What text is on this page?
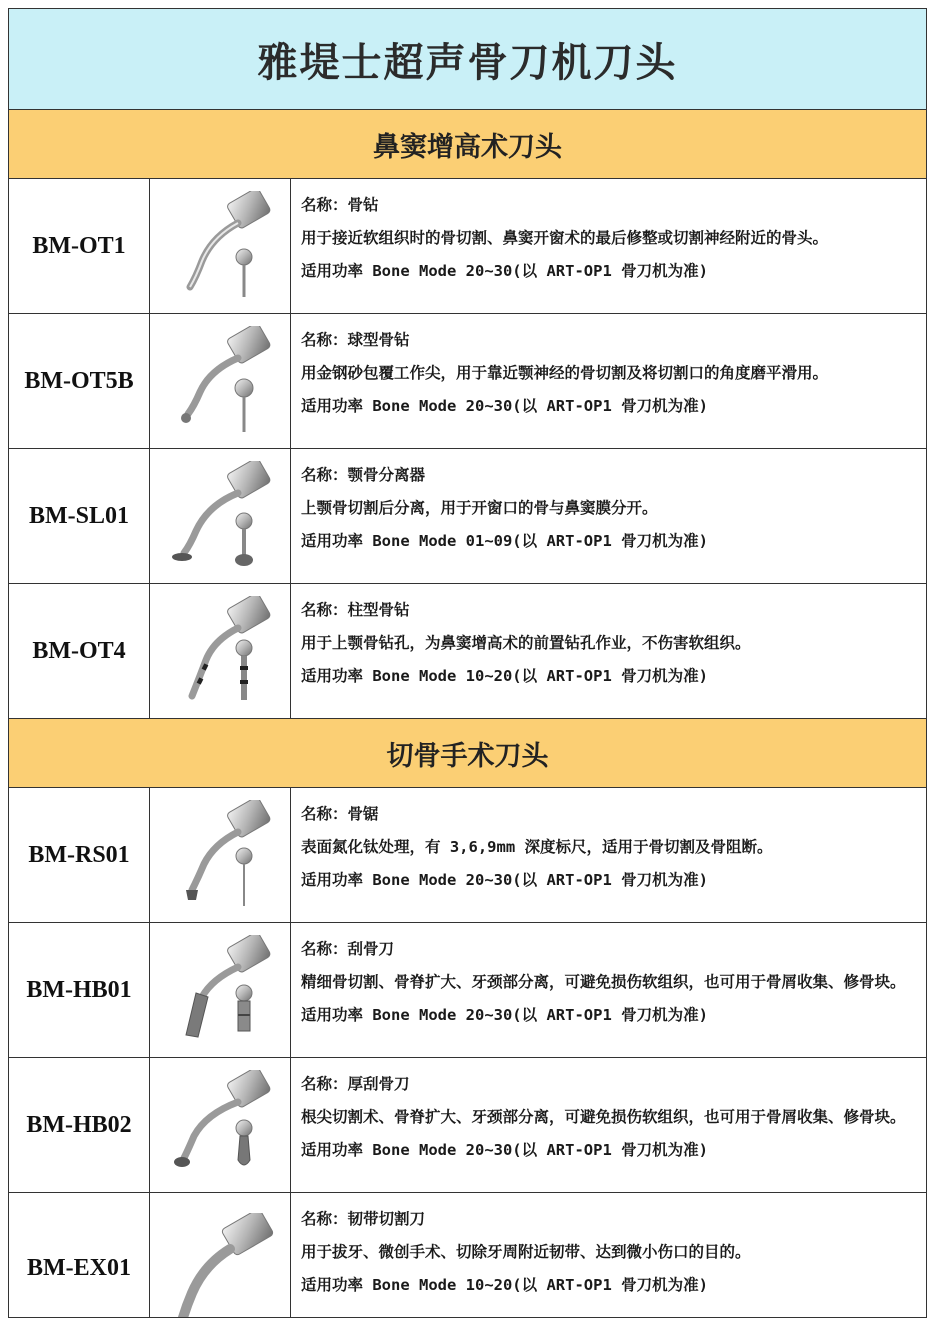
雅堤士超声骨刀机刀头
鼻窦增高术刀头
BM-OT1
名称：骨钻
用于接近软组织时的骨切割、鼻窦开窗术的最后修整或切割神经附近的骨头。
适用功率 Bone Mode 20~30(以 ART-OP1 骨刀机为准)
BM-OT5B
名称：球型骨钻
用金钢砂包覆工作尖，用于靠近颚神经的骨切割及将切割口的角度磨平滑用。
适用功率 Bone Mode 20~30(以 ART-OP1 骨刀机为准)
BM-SL01
名称：颚骨分离器
上颚骨切割后分离，用于开窗口的骨与鼻窦膜分开。
适用功率 Bone Mode 01~09(以 ART-OP1 骨刀机为准)
BM-OT4
名称：柱型骨钻
用于上颚骨钻孔，为鼻窦增高术的前置钻孔作业，不伤害软组织。
适用功率 Bone Mode 10~20(以 ART-OP1 骨刀机为准)
切骨手术刀头
BM-RS01
名称：骨锯
表面氮化钛处理，有 3,6,9mm 深度标尺，适用于骨切割及骨阻断。
适用功率 Bone Mode 20~30(以 ART-OP1 骨刀机为准)
BM-HB01
名称：刮骨刀
精细骨切割、骨脊扩大、牙颈部分离，可避免损伤软组织，也可用于骨屑收集、修骨块。
适用功率 Bone Mode 20~30(以 ART-OP1 骨刀机为准)
BM-HB02
名称：厚刮骨刀
根尖切割术、骨脊扩大、牙颈部分离，可避免损伤软组织，也可用于骨屑收集、修骨块。
适用功率 Bone Mode 20~30(以 ART-OP1 骨刀机为准)
BM-EX01
名称：韧带切割刀
用于拔牙、微创手术、切除牙周附近韧带、达到微小伤口的目的。
适用功率 Bone Mode 10~20(以 ART-OP1 骨刀机为准)
